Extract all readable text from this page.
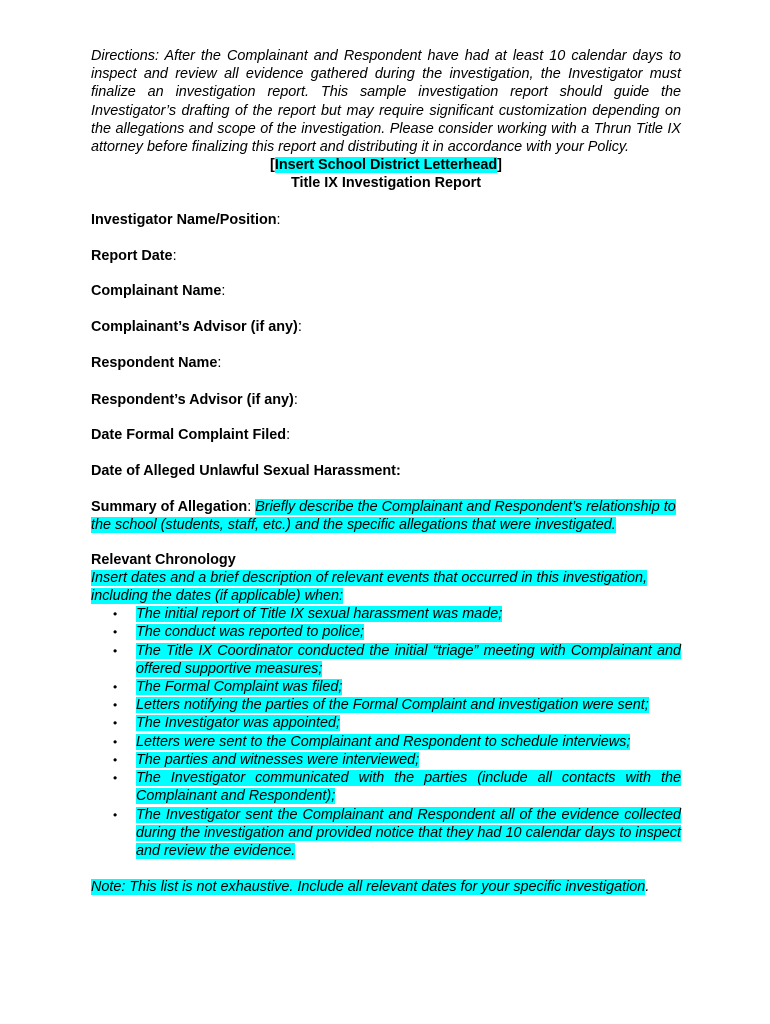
Directions: After the Complainant and Respondent have had at least 10 calendar days to inspect and review all evidence gathered during the investigation, the Investigator must finalize an investigation report. This sample investigation report should guide the Investigator’s drafting of the report but may require significant customization depending on the allegations and scope of the investigation. Please consider working with a Thrun Title IX attorney before finalizing this report and distributing it in accordance with your Policy.

[Insert School District Letterhead]

Title IX Investigation Report

Investigator Name/Position:

Report Date:

Complainant Name:

Complainant’s Advisor (if any):

Respondent Name:

Respondent’s Advisor (if any):

Date Formal Complaint Filed:

Date of Alleged Unlawful Sexual Harassment:

Summary of Allegation: Briefly describe the Complainant and Respondent’s relationship to the school (students, staff, etc.) and the specific allegations that were investigated.

Relevant Chronology

Insert dates and a brief description of relevant events that occurred in this investigation, including the dates (if applicable) when:

• The initial report of Title IX sexual harassment was made;
• The conduct was reported to police;
• The Title IX Coordinator conducted the initial “triage” meeting with Complainant and offered supportive measures;
• The Formal Complaint was filed;
• Letters notifying the parties of the Formal Complaint and investigation were sent;
• The Investigator was appointed;
• Letters were sent to the Complainant and Respondent to schedule interviews;
• The parties and witnesses were interviewed;
• The Investigator communicated with the parties (include all contacts with the Complainant and Respondent);
• The Investigator sent the Complainant and Respondent all of the evidence collected during the investigation and provided notice that they had 10 calendar days to inspect and review the evidence.

Note: This list is not exhaustive. Include all relevant dates for your specific investigation.
